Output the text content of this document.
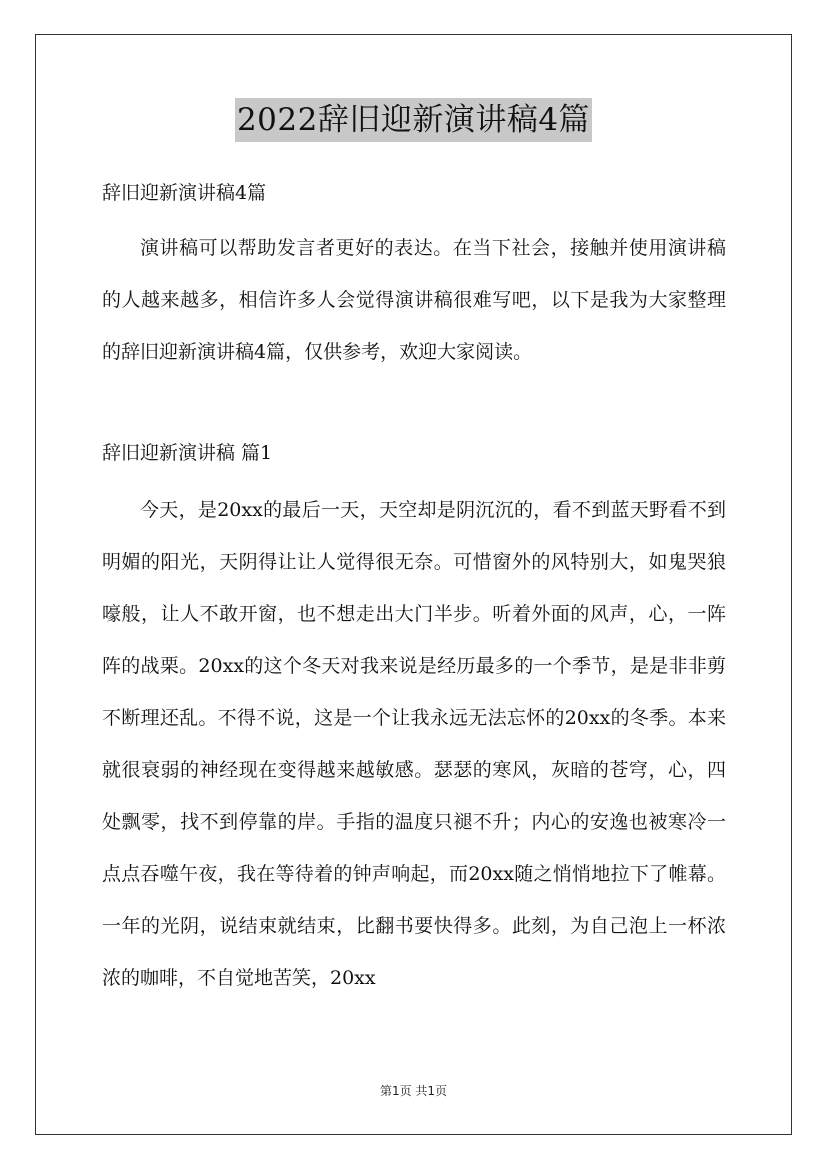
2022辞旧迎新演讲稿4篇
辞旧迎新演讲稿4篇
演讲稿可以帮助发言者更好的表达。在当下社会，接触并使用演讲稿的人越来越多，相信许多人会觉得演讲稿很难写吧，以下是我为大家整理的辞旧迎新演讲稿4篇，仅供参考，欢迎大家阅读。
辞旧迎新演讲稿 篇1
今天，是20xx的最后一天，天空却是阴沉沉的，看不到蓝天野看不到明媚的阳光，天阴得让让人觉得很无奈。可惜窗外的风特别大，如鬼哭狼嚎般，让人不敢开窗，也不想走出大门半步。听着外面的风声，心，一阵阵的战栗。20xx的这个冬天对我来说是经历最多的一个季节，是是非非剪不断理还乱。不得不说，这是一个让我永远无法忘怀的20xx的冬季。本来就很衰弱的神经现在变得越来越敏感。瑟瑟的寒风，灰暗的苍穹，心，四处飘零，找不到停靠的岸。手指的温度只褪不升；内心的安逸也被寒冷一点点吞噬午夜，我在等待着的钟声响起，而20xx随之悄悄地拉下了帷幕。一年的光阴，说结束就结束，比翻书要快得多。此刻，为自己泡上一杯浓浓的咖啡，不自觉地苦笑，20xx
第1页 共1页
